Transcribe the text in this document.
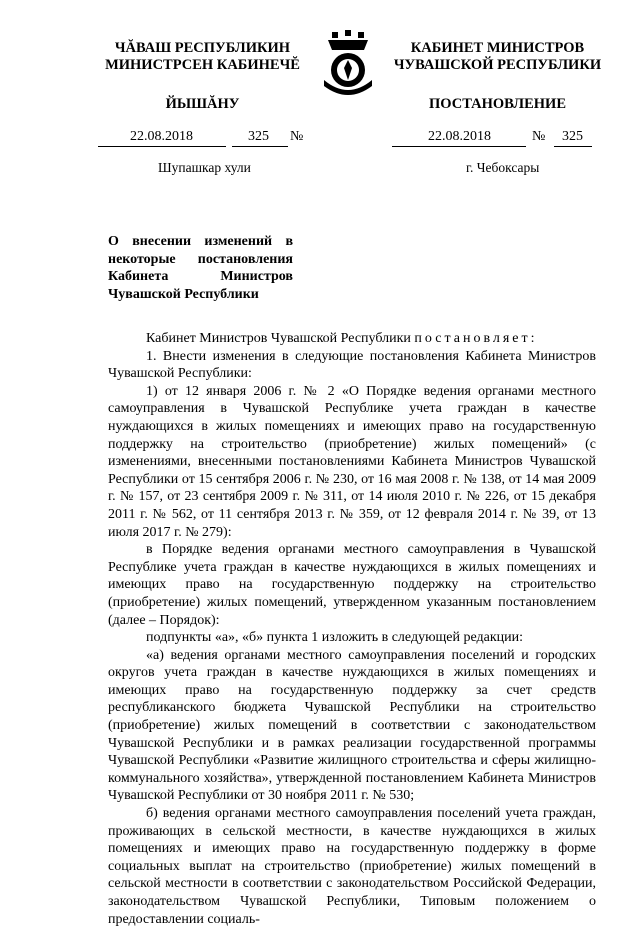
ЧĂВАШ РЕСПУБЛИКИН
МИНИСТРСЕН КАБИНЕЧĔ
ЙЫШĂНУ
КАБИНЕТ МИНИСТРОВ
ЧУВАШСКОЙ РЕСПУБЛИКИ
ПОСТАНОВЛЕНИЕ
22.08.2018	325 №	22.08.2018	№ 325
Шупашкар хули	г. Чебоксары
О внесении изменений в некоторые постановления Кабинета Министров Чувашской Республики

Кабинет Министров Чувашской Республики постановляет:

1. Внести изменения в следующие постановления Кабинета Министров Чувашской Республики:

1) от 12 января 2006 г. № 2 «О Порядке ведения органами местного самоуправления в Чувашской Республике учета граждан в качестве нуждающихся в жилых помещениях и имеющих право на государственную поддержку на строительство (приобретение) жилых помещений» (с изменениями, внесенными постановлениями Кабинета Министров Чувашской Республики от 15 сентября 2006 г. № 230, от 16 мая 2008 г. № 138, от 14 мая 2009 г. № 157, от 23 сентября 2009 г. № 311, от 14 июля 2010 г. № 226, от 15 декабря 2011 г. № 562, от 11 сентября 2013 г. № 359, от 12 февраля 2014 г. № 39, от 13 июля 2017 г. № 279):

в Порядке ведения органами местного самоуправления в Чувашской Республике учета граждан в качестве нуждающихся в жилых помещениях и имеющих право на государственную поддержку на строительство (приобретение) жилых помещений, утвержденном указанным постановлением (далее – Порядок):

подпункты «а», «б» пункта 1 изложить в следующей редакции:

«а) ведения органами местного самоуправления поселений и городских округов учета граждан в качестве нуждающихся в жилых помещениях и имеющих право на государственную поддержку за счет средств республиканского бюджета Чувашской Республики на строительство (приобретение) жилых помещений в соответствии с законодательством Чувашской Республики и в рамках реализации государственной программы Чувашской Республики «Развитие жилищного строительства и сферы жилищно-коммунального хозяйства», утвержденной постановлением Кабинета Министров Чувашской Республики от 30 ноября 2011 г. № 530;

б) ведения органами местного самоуправления поселений учета граждан, проживающих в сельской местности, в качестве нуждающихся в жилых помещениях и имеющих право на государственную поддержку в форме социальных выплат на строительство (приобретение) жилых помещений в сельской местности в соответствии с законодательством Российской Федерации, законодательством Чувашской Республики, Типовым положением о предоставлении социаль-
